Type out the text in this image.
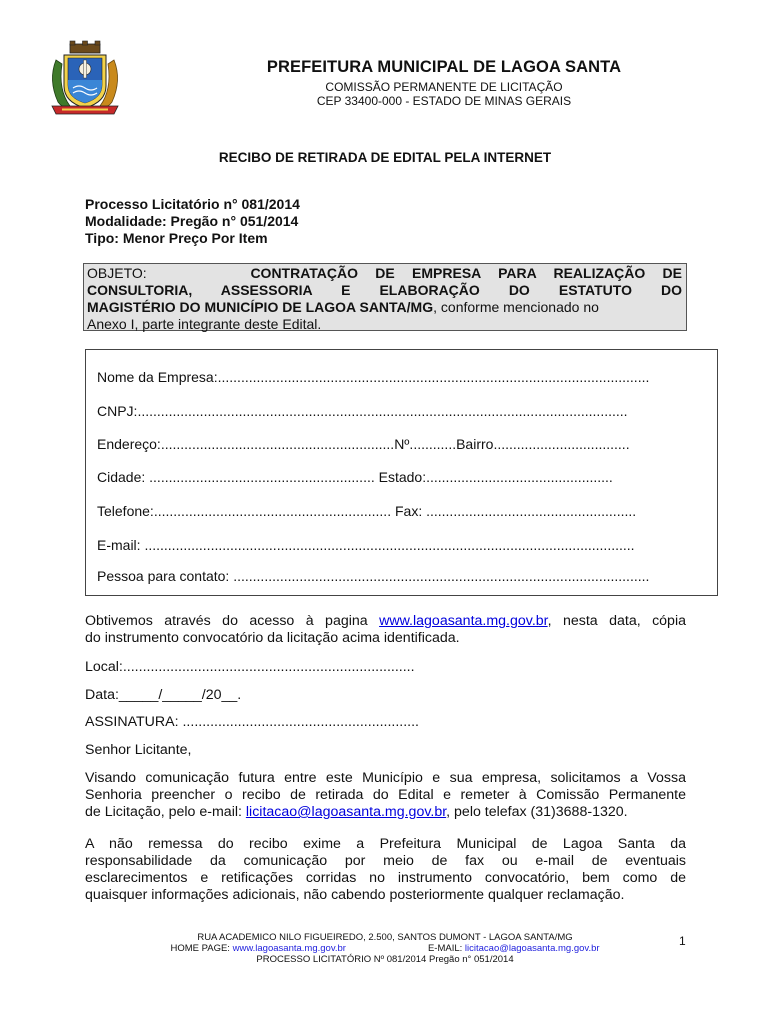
PREFEITURA MUNICIPAL DE LAGOA SANTA
COMISSÃO PERMANENTE DE LICITAÇÃO
CEP 33400-000 - ESTADO DE MINAS GERAIS
RECIBO DE RETIRADA DE EDITAL PELA INTERNET
Processo Licitatório n° 081/2014
Modalidade: Pregão n° 051/2014
Tipo: Menor Preço Por Item
OBJETO:	CONTRATAÇÃO DE EMPRESA PARA REALIZAÇÃO DE
CONSULTORIA, ASSESSORIA E ELABORAÇÃO DO ESTATUTO DO
MAGISTÉRIO DO MUNICÍPIO DE LAGOA SANTA/MG, conforme mencionado no
Anexo I, parte integrante deste Edital.
Nome da Empresa:...............................................................................................................
CNPJ:..............................................................................................................................
Endereço:............................................................Nº............Bairro...................................
Cidade: .......................................................... Estado:................................................
Telefone:............................................................. Fax: ......................................................
E-mail: ..............................................................................................................................
Pessoa para contato: ...........................................................................................................
Obtivemos através do acesso à pagina www.lagoasanta.mg.gov.br, nesta data, cópia
do instrumento convocatório da licitação acima identificada.
Local:..........................................................................
Data:_____/_____/20__.
ASSINATURA: ............................................................
Senhor Licitante,
Visando comunicação futura entre este Município e sua empresa, solicitamos a Vossa
Senhoria preencher o recibo de retirada do Edital e remeter à Comissão Permanente
de Licitação, pelo e-mail: licitacao@lagoasanta.mg.gov.br, pelo telefax (31)3688-1320.
A não remessa do recibo exime a Prefeitura Municipal de Lagoa Santa da
responsabilidade da comunicação por meio de fax ou e-mail de eventuais
esclarecimentos e retificações corridas no instrumento convocatório, bem como de
quaisquer informações adicionais, não cabendo posteriormente qualquer reclamação.
RUA ACADEMICO NILO FIGUEIREDO, 2.500, SANTOS DUMONT - LAGOA SANTA/MG
HOME PAGE: www.lagoasanta.mg.gov.br	E-MAIL: licitacao@lagoasanta.mg.gov.br
PROCESSO LICITATÓRIO Nº 081/2014 Pregão n° 051/2014
1
